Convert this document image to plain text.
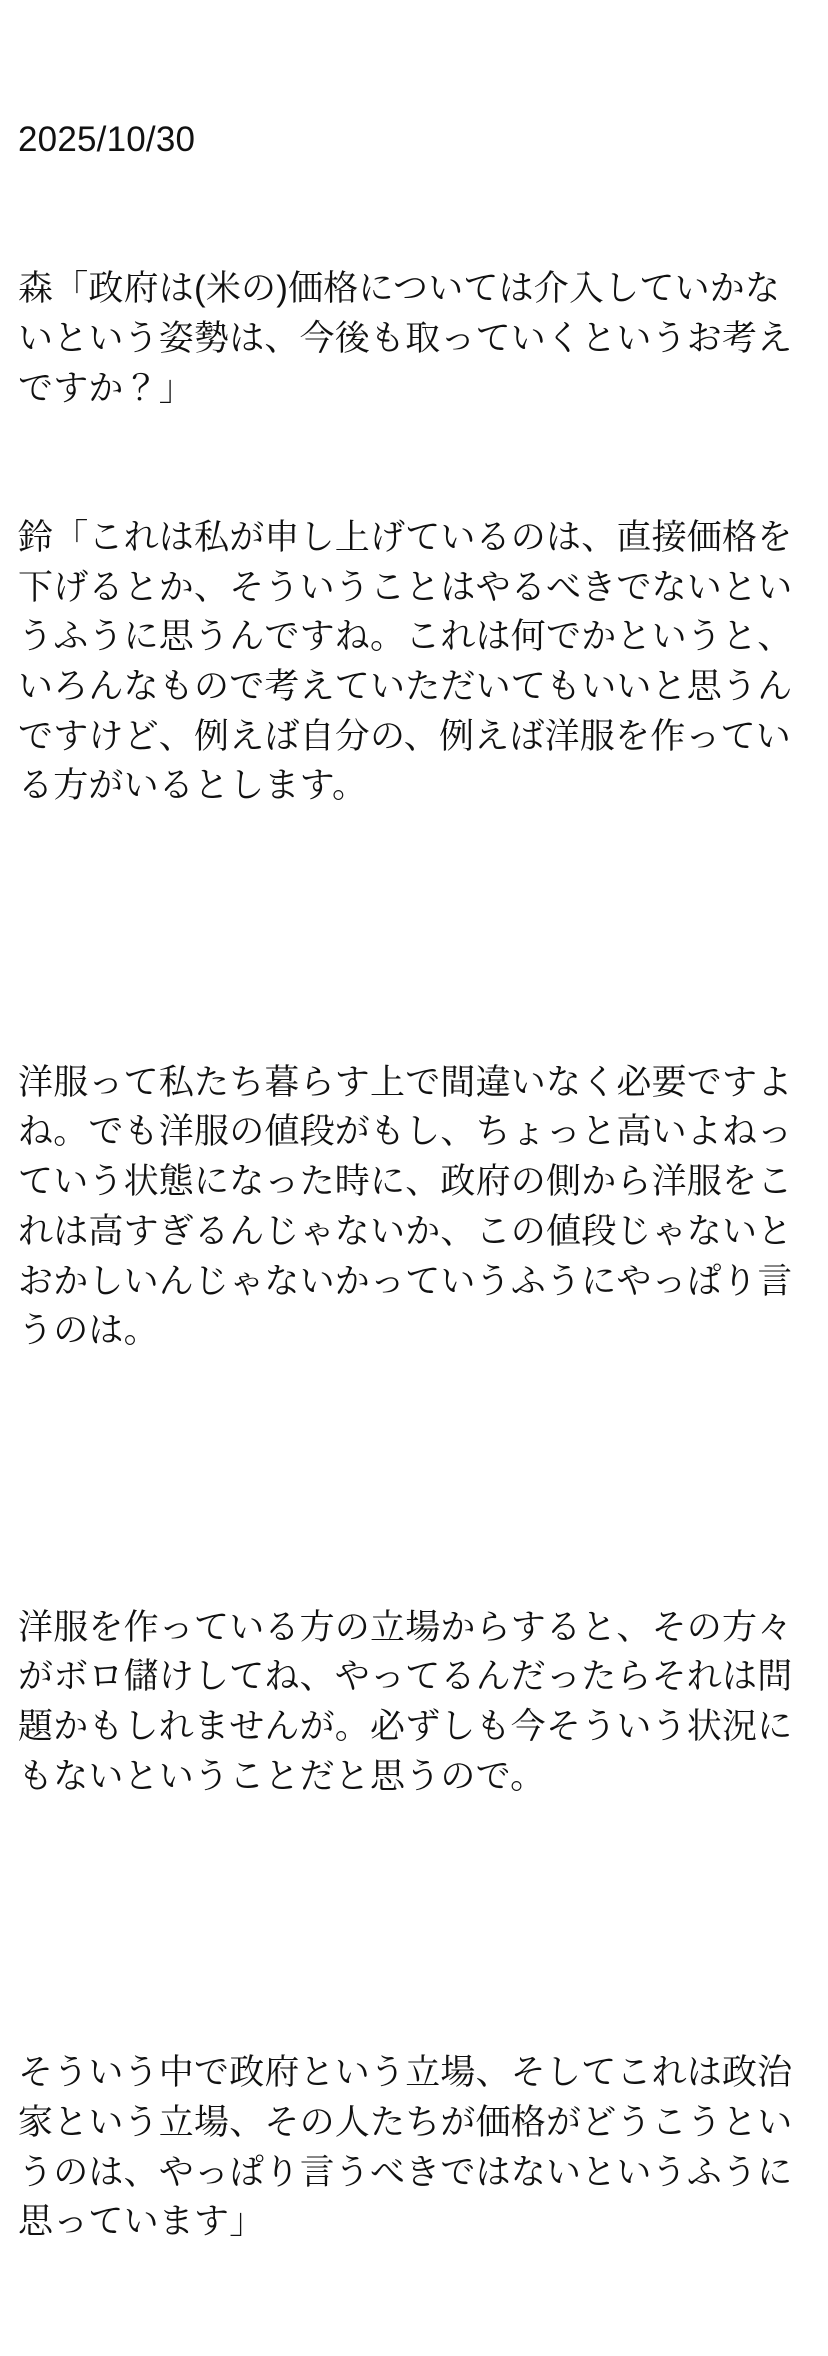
2025/10/30

森「政府は(米の)価格については介入していかないという姿勢は、今後も取っていくというお考えですか？」

鈴「これは私が申し上げているのは、直接価格を下げるとか、そういうことはやるべきでないというふうに思うんですね。これは何でかというと、いろんなもので考えていただいてもいいと思うんですけど、例えば自分の、例えば洋服を作っている方がいるとします。

洋服って私たち暮らす上で間違いなく必要ですよね。でも洋服の値段がもし、ちょっと高いよねっていう状態になった時に、政府の側から洋服をこれは高すぎるんじゃないか、この値段じゃないとおかしいんじゃないかっていうふうにやっぱり言うのは。

洋服を作っている方の立場からすると、その方々がボロ儲けしてね、やってるんだったらそれは問題かもしれませんが。必ずしも今そういう状況にもないということだと思うので。

そういう中で政府という立場、そしてこれは政治家という立場、その人たちが価格がどうこうというのは、やっぱり言うべきではないというふうに思っています」
